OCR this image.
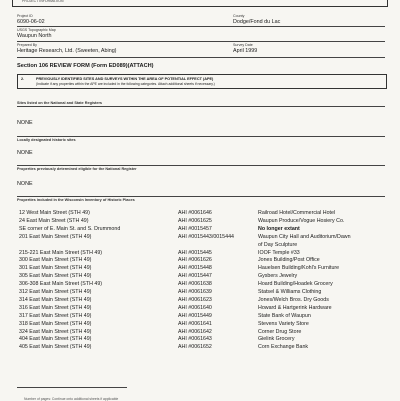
PROJECT INFORMATION
Project ID
6090-06-02
County
Dodge/Fond du Lac
USGS Topographic Map
Waupun North
Prepared By
Heritage Research, Ltd. (Sweeten, Abing)
Survey Date
April 1999
Section 106 REVIEW FORM (Form ED089)(ATTACH)
2.	PREVIOUSLY IDENTIFIED SITES AND SURVEYS WITHIN THE AREA OF POTENTIAL EFFECT (APE)
(Indicate if any properties within the APE are included in the following categories. Attach additional sheets if necessary.)
Sites listed on the National and State Registers
NONE
Locally designated historic sites
NONE
Properties previously determined eligible for the National Register
NONE
Properties included in the Wisconsin Inventory of Historic Places
12 West Main Street (STH 49)	AHI #0061646	Railroad Hotel/Commercial Hotel
24 East Main Street (STH 49)	AHI #0061625	Waupun Produce/Vogue Hosiery Co.
SE corner of E. Main St. and S. Drummond	AHI #0015457	No longer extant
201 East Main Street (STH 49)	AHI #0015443/0015444	Waupun City Hall and Auditorium/Dawn
of Day Sculpture
215-221 East Main Street (STH 49)	AHI #0015445	IOOF Temple #33
300 East Main Street (STH 49)	AHI #0061626	Jones Building/Post Office
301 East Main Street (STH 49)	AHI #0015448	Hauelsen Building/Kohl's Furniture
305 East Main Street (STH 49)	AHI #0015447	Gysbers Jewelry
306-308 East Main Street (STH 49)	AHI #0061638	Hoard Building/Hoadek Grocery
312 East Main Street (STH 49)	AHI #0061639	Statsel & Williams Clothing
314 East Main Street (STH 49)	AHI #0061623	Jones/Welch Bros. Dry Goods
316 East Main Street (STH 49)	AHI #0061640	Howard & Hartgerink Hardware
317 East Main Street (STH 49)	AHI #0015449	State Bank of Waupun
318 East Main Street (STH 49)	AHI #0061641	Stevens Variety Store
324 East Main Street (STH 49)	AHI #0061642	Corner Drug Store
404 East Main Street (STH 49)	AHI #0061643	Gielink Grocery
405 East Main Street (STH 49)	AHI #0061652	Corn Exchange Bank
Number of pages: Continue onto additional sheets if applicable
